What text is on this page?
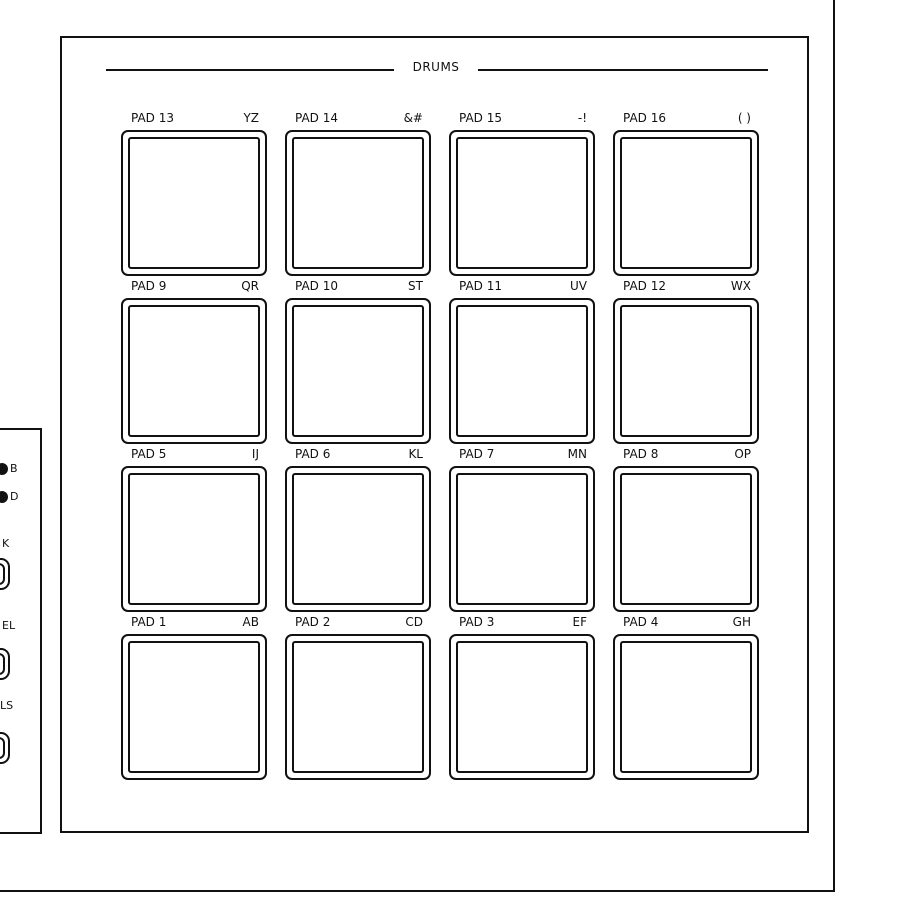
B
D
K
EL
LS
DRUMS
PAD 13	YZ	PAD 14	&#	PAD 15	-!	PAD 16	( )
PAD 9	QR	PAD 10	ST	PAD 11	UV	PAD 12	WX
PAD 5	IJ	PAD 6	KL	PAD 7	MN	PAD 8	OP
PAD 1	AB	PAD 2	CD	PAD 3	EF	PAD 4	GH
